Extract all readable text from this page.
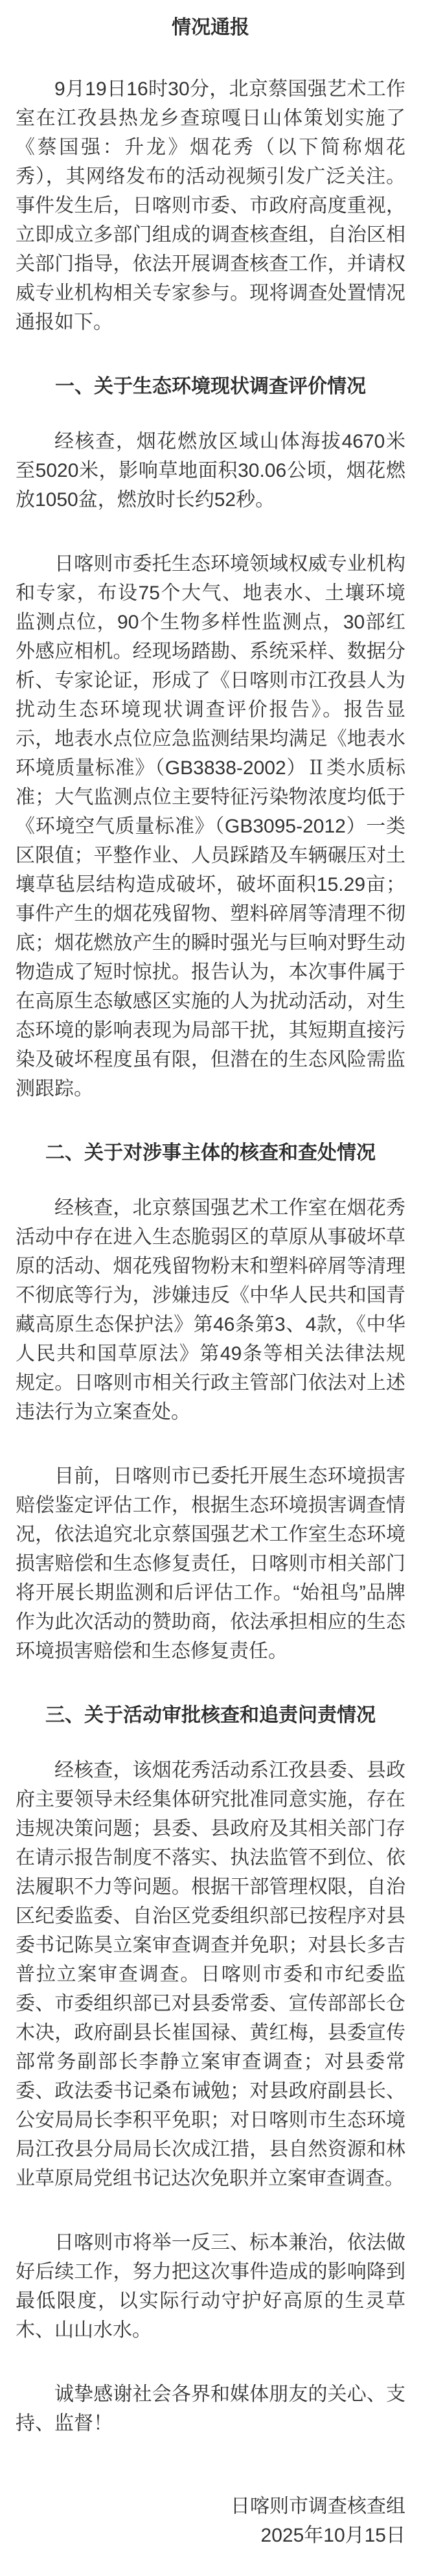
情况通报

9月19日16时30分，北京蔡国强艺术工作室在江孜县热龙乡查琼嘎日山体策划实施了《蔡国强：升龙》烟花秀（以下简称烟花秀），其网络发布的活动视频引发广泛关注。事件发生后，日喀则市委、市政府高度重视，立即成立多部门组成的调查核查组，自治区相关部门指导，依法开展调查核查工作，并请权威专业机构相关专家参与。现将调查处置情况通报如下。

一、关于生态环境现状调查评价情况

经核查，烟花燃放区域山体海拔4670米至5020米，影响草地面积30.06公顷，烟花燃放1050盆，燃放时长约52秒。

日喀则市委托生态环境领域权威专业机构和专家，布设75个大气、地表水、土壤环境监测点位，90个生物多样性监测点，30部红外感应相机。经现场踏勘、系统采样、数据分析、专家论证，形成了《日喀则市江孜县人为扰动生态环境现状调查评价报告》。报告显示，地表水点位应急监测结果均满足《地表水环境质量标准》（GB3838-2002）Ⅱ类水质标准；大气监测点位主要特征污染物浓度均低于《环境空气质量标准》（GB3095-2012）一类区限值；平整作业、人员踩踏及车辆碾压对土壤草毡层结构造成破坏，破坏面积15.29亩；事件产生的烟花残留物、塑料碎屑等清理不彻底；烟花燃放产生的瞬时强光与巨响对野生动物造成了短时惊扰。报告认为，本次事件属于在高原生态敏感区实施的人为扰动活动，对生态环境的影响表现为局部干扰，其短期直接污染及破坏程度虽有限，但潜在的生态风险需监测跟踪。

二、关于对涉事主体的核查和查处情况

经核查，北京蔡国强艺术工作室在烟花秀活动中存在进入生态脆弱区的草原从事破坏草原的活动、烟花残留物粉末和塑料碎屑等清理不彻底等行为，涉嫌违反《中华人民共和国青藏高原生态保护法》第46条第3、4款，《中华人民共和国草原法》第49条等相关法律法规规定。日喀则市相关行政主管部门依法对上述违法行为立案查处。

目前，日喀则市已委托开展生态环境损害赔偿鉴定评估工作，根据生态环境损害调查情况，依法追究北京蔡国强艺术工作室生态环境损害赔偿和生态修复责任，日喀则市相关部门将开展长期监测和后评估工作。“始祖鸟”品牌作为此次活动的赞助商，依法承担相应的生态环境损害赔偿和生态修复责任。

三、关于活动审批核查和追责问责情况

经核查，该烟花秀活动系江孜县委、县政府主要领导未经集体研究批准同意实施，存在违规决策问题；县委、县政府及其相关部门存在请示报告制度不落实、执法监管不到位、依法履职不力等问题。根据干部管理权限，自治区纪委监委、自治区党委组织部已按程序对县委书记陈昊立案审查调查并免职；对县长多吉普拉立案审查调查。日喀则市委和市纪委监委、市委组织部已对县委常委、宣传部部长仓木决，政府副县长崔国禄、黄红梅，县委宣传部常务副部长李静立案审查调查；对县委常委、政法委书记桑布诫勉；对县政府副县长、公安局局长李积平免职；对日喀则市生态环境局江孜县分局局长次成江措，县自然资源和林业草原局党组书记达次免职并立案审查调查。

日喀则市将举一反三、标本兼治，依法做好后续工作，努力把这次事件造成的影响降到最低限度，以实际行动守护好高原的生灵草木、山山水水。

诚挚感谢社会各界和媒体朋友的关心、支持、监督！

日喀则市调查核查组
2025年10月15日
